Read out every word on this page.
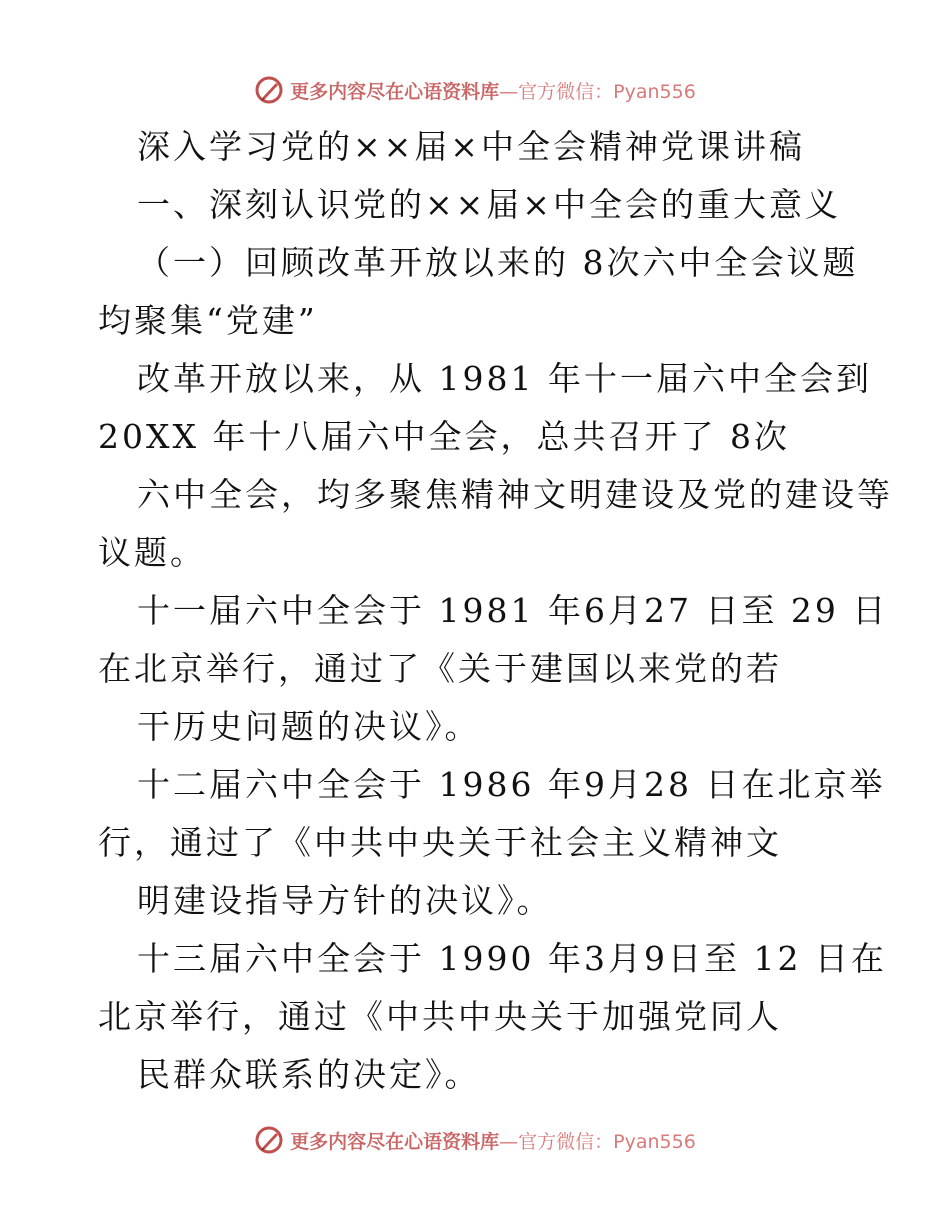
更多内容尽在心语资料库—官方微信：Pyan556
深入学习党的××届×中全会精神党课讲稿
一、深刻认识党的××届×中全会的重大意义
（一）回顾改革开放以来的 8次六中全会议题
均聚集“党建”
改革开放以来，从 1981 年十一届六中全会到
20XX 年十八届六中全会，总共召开了 8次
六中全会，均多聚焦精神文明建设及党的建设等
议题。
十一届六中全会于 1981 年6月27 日至 29 日
在北京举行，通过了《关于建国以来党的若
干历史问题的决议》。
十二届六中全会于 1986 年9月28 日在北京举
行，通过了《中共中央关于社会主义精神文
明建设指导方针的决议》。
十三届六中全会于 1990 年3月9日至 12 日在
北京举行，通过《中共中央关于加强党同人
民群众联系的决定》。
更多内容尽在心语资料库—官方微信：Pyan556
